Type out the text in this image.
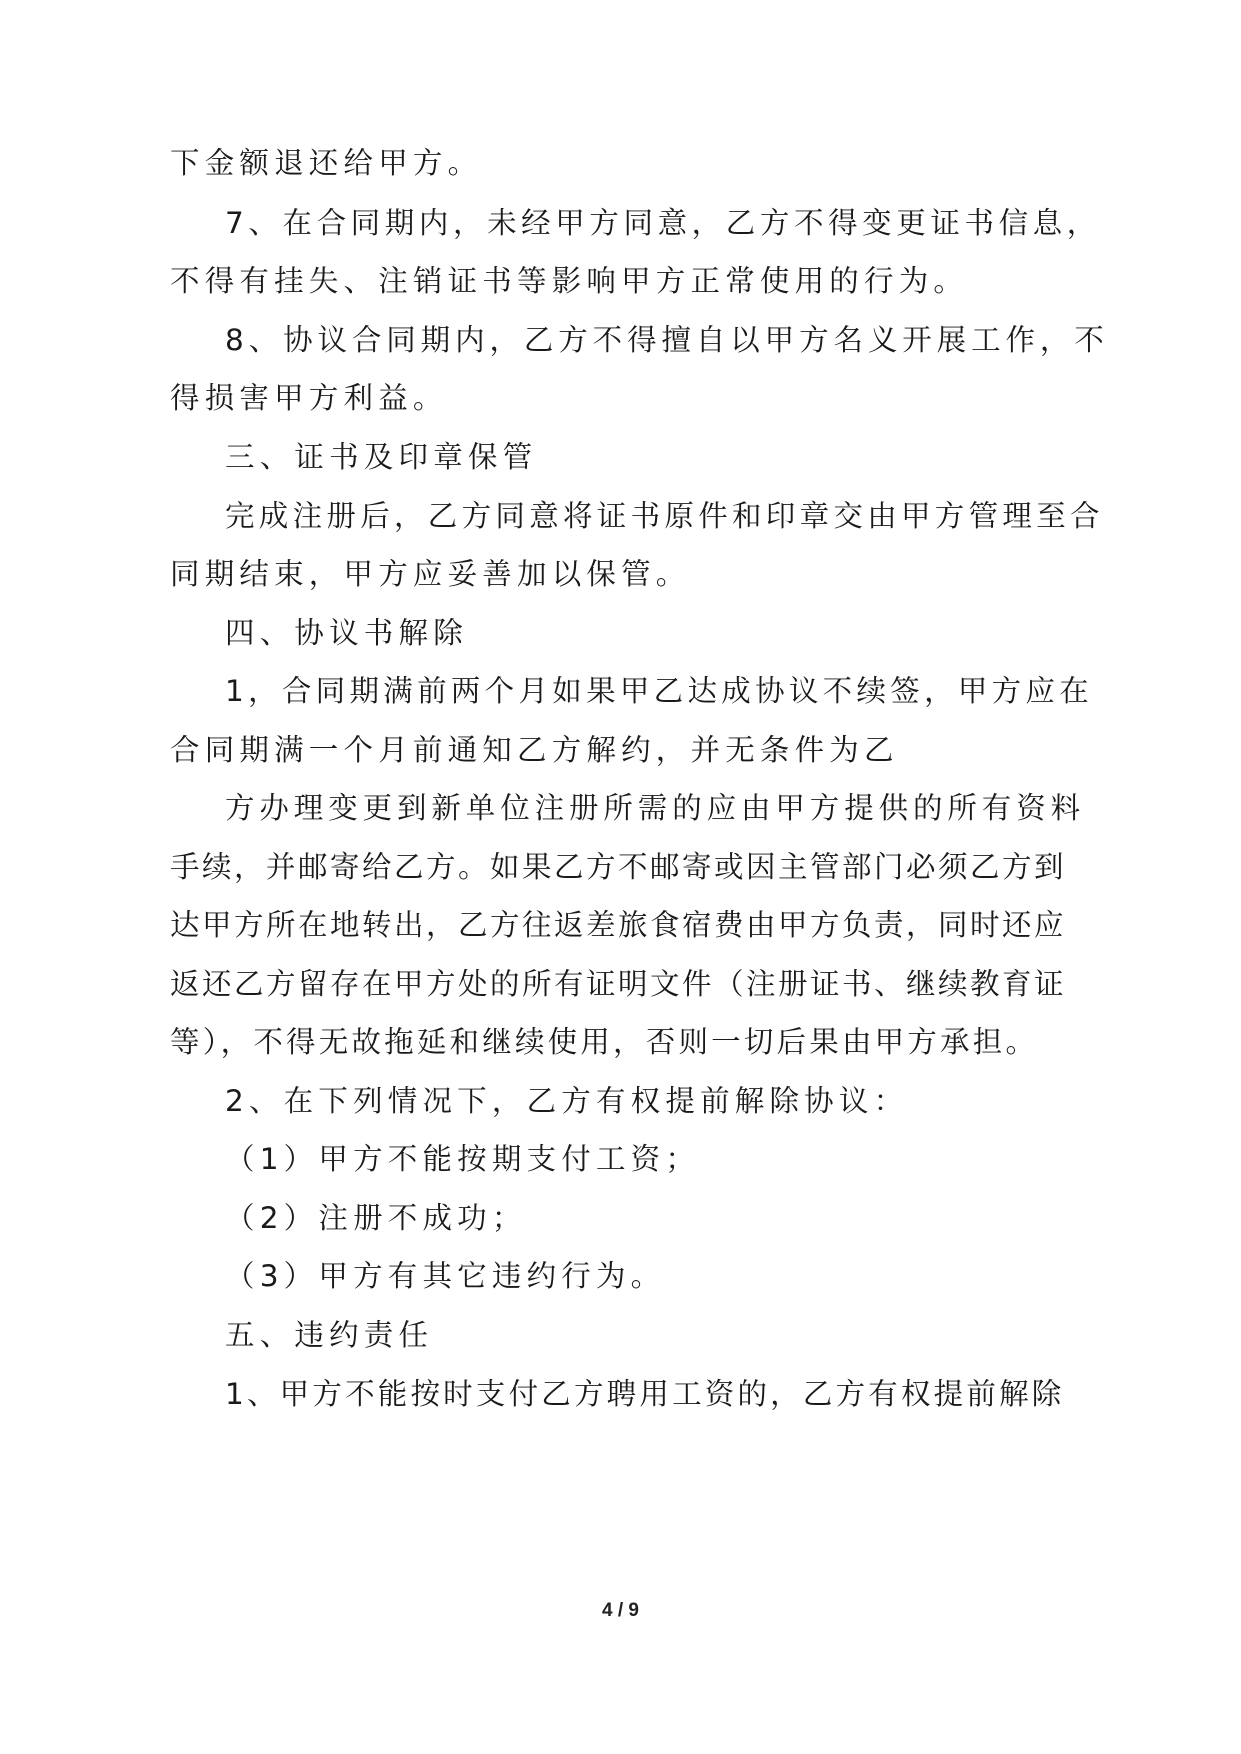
下金额退还给甲方。
7、在合同期内，未经甲方同意，乙方不得变更证书信息，
不得有挂失、注销证书等影响甲方正常使用的行为。
8、协议合同期内，乙方不得擅自以甲方名义开展工作，不
得损害甲方利益。
三、证书及印章保管
完成注册后，乙方同意将证书原件和印章交由甲方管理至合
同期结束，甲方应妥善加以保管。
四、协议书解除
1，合同期满前两个月如果甲乙达成协议不续签，甲方应在
合同期满一个月前通知乙方解约，并无条件为乙
方办理变更到新单位注册所需的应由甲方提供的所有资料
手续，并邮寄给乙方。如果乙方不邮寄或因主管部门必须乙方到
达甲方所在地转出，乙方往返差旅食宿费由甲方负责，同时还应
返还乙方留存在甲方处的所有证明文件（注册证书、继续教育证
等），不得无故拖延和继续使用，否则一切后果由甲方承担。
2、在下列情况下，乙方有权提前解除协议：
（1）甲方不能按期支付工资；
（2）注册不成功；
（3）甲方有其它违约行为。
五、违约责任
1、甲方不能按时支付乙方聘用工资的，乙方有权提前解除
4 / 9
